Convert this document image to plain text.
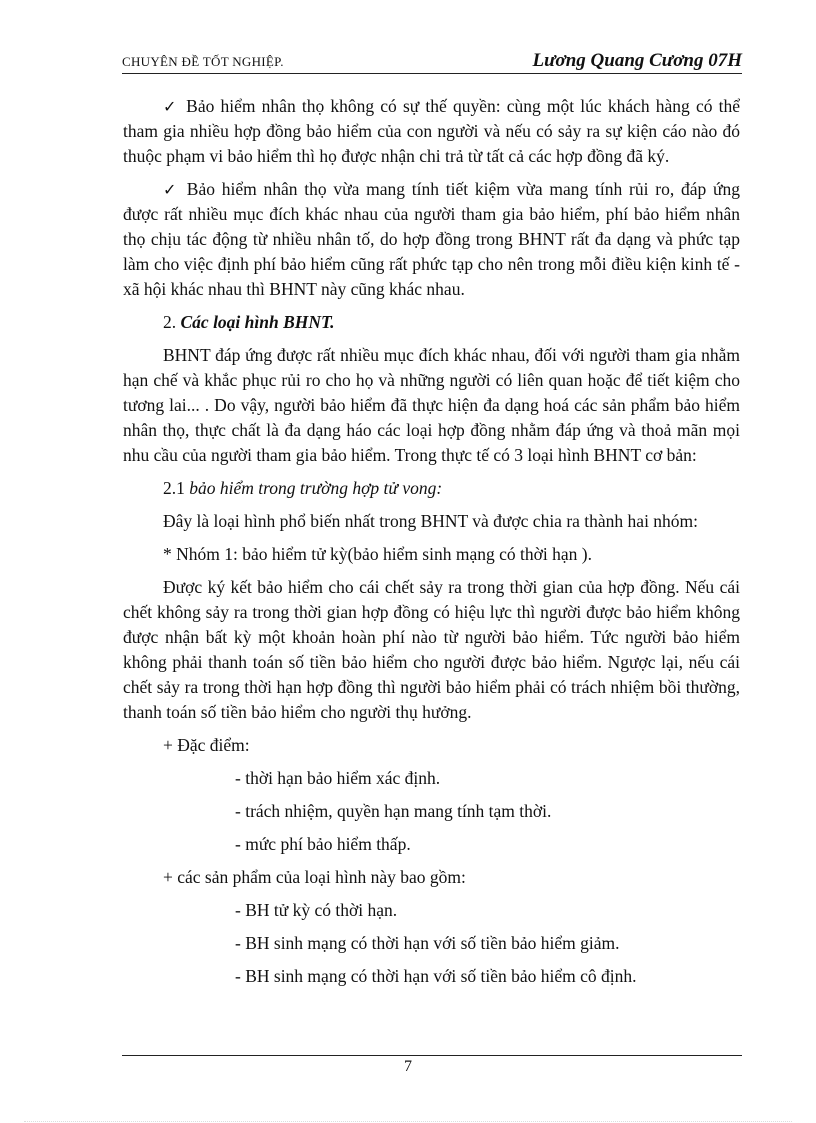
CHUYÊN ĐỀ TỐT NGHIỆP.	Lương Quang Cương 07H

✓ Bảo hiểm nhân thọ không có sự thế quyền: cùng một lúc khách hàng có thể tham gia nhiều hợp đồng bảo hiểm của con người và nếu có sảy ra sự kiện cáo nào đó thuộc phạm vi bảo hiểm thì họ được nhận chi trả từ tất cả các hợp đồng đã ký.

✓ Bảo hiểm nhân thọ vừa mang tính tiết kiệm vừa mang tính rủi ro, đáp ứng được rất nhiều mục đích khác nhau của người tham gia bảo hiểm, phí bảo hiểm nhân thọ chịu tác động từ nhiều nhân tố, do hợp đồng trong BHNT rất đa dạng và phức tạp làm cho việc định phí bảo hiểm cũng rất phức tạp cho nên trong mỗi điều kiện kinh tế - xã hội khác nhau thì BHNT này cũng khác nhau.

2. Các loại hình BHNT.

BHNT đáp ứng được rất nhiều mục đích khác nhau, đối với người tham gia nhằm hạn chế và khắc phục rủi ro cho họ và những người có liên quan hoặc để tiết kiệm cho tương lai... . Do vậy, người bảo hiểm đã thực hiện đa dạng hoá các sản phẩm bảo hiểm nhân thọ, thực chất là đa dạng háo các loại hợp đồng nhằm đáp ứng và thoả mãn mọi nhu cầu của người tham gia bảo hiểm. Trong thực tế có 3 loại hình BHNT cơ bản:

2.1 bảo hiểm trong trường hợp tử vong:

Đây là loại hình phổ biến nhất trong BHNT và được chia ra thành hai nhóm:

* Nhóm 1: bảo hiểm tử kỳ(bảo hiểm sinh mạng có thời hạn ).

Được ký kết bảo hiểm cho cái chết sảy ra trong thời gian của hợp đồng. Nếu cái chết không sảy ra trong thời gian hợp đồng có hiệu lực thì người được bảo hiểm không được nhận bất kỳ một khoản hoàn phí nào từ người bảo hiểm. Tức người bảo hiểm không phải thanh toán số tiền bảo hiểm cho người được bảo hiểm. Ngược lại, nếu cái chết sảy ra trong thời hạn hợp đồng thì người bảo hiểm phải có trách nhiệm bồi thường, thanh toán số tiền bảo hiểm cho người thụ hưởng.

+ Đặc điểm:

- thời hạn bảo hiểm xác định.

- trách nhiệm, quyền hạn mang tính tạm thời.

- mức phí bảo hiểm thấp.

+ các sản phẩm của loại hình này bao gồm:

- BH tử kỳ có thời hạn.

- BH sinh mạng có thời hạn với số tiền bảo hiểm giảm.

- BH sinh mạng có thời hạn với số tiền bảo hiểm cô định.

7
